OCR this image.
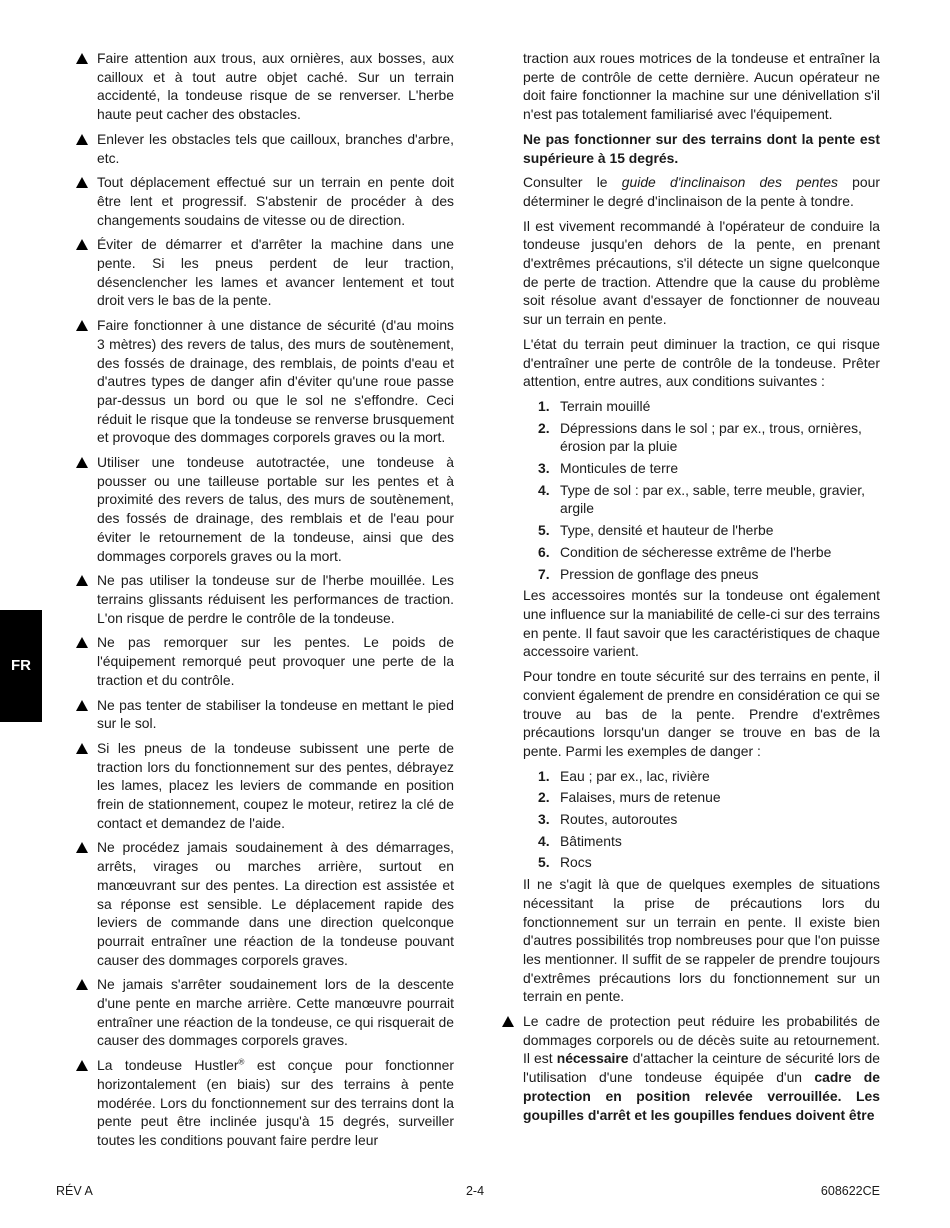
FR
Faire attention aux trous, aux ornières, aux bosses, aux cailloux et à tout autre objet caché. Sur un terrain accidenté, la tondeuse risque de se renverser. L'herbe haute peut cacher des obstacles.
Enlever les obstacles tels que cailloux, branches d'arbre, etc.
Tout déplacement effectué sur un terrain en pente doit être lent et progressif. S'abstenir de procéder à des changements soudains de vitesse ou de direction.
Éviter de démarrer et d'arrêter la machine dans une pente. Si les pneus perdent de leur traction, désenclencher les lames et avancer lentement et tout droit vers le bas de la pente.
Faire fonctionner à une distance de sécurité (d'au moins 3 mètres) des revers de talus, des murs de soutènement, des fossés de drainage, des remblais, de points d'eau et d'autres types de danger afin d'éviter qu'une roue passe par-dessus un bord ou que le sol ne s'effondre. Ceci réduit le risque que la tondeuse se renverse brusquement et provoque des dommages corporels graves ou la mort.
Utiliser une tondeuse autotractée, une tondeuse à pousser ou une tailleuse portable sur les pentes et à proximité des revers de talus, des murs de soutènement, des fossés de drainage, des remblais et de l'eau pour éviter le retournement de la tondeuse, ainsi que des dommages corporels graves ou la mort.
Ne pas utiliser la tondeuse sur de l'herbe mouillée. Les terrains glissants réduisent les performances de traction. L'on risque de perdre le contrôle de la tondeuse.
Ne pas remorquer sur les pentes. Le poids de l'équipement remorqué peut provoquer une perte de la traction et du contrôle.
Ne pas tenter de stabiliser la tondeuse en mettant le pied sur le sol.
Si les pneus de la tondeuse subissent une perte de traction lors du fonctionnement sur des pentes, débrayez les lames, placez les leviers de commande en position frein de stationnement, coupez le moteur, retirez la clé de contact et demandez de l'aide.
Ne procédez jamais soudainement à des démarrages, arrêts, virages ou marches arrière, surtout en manœuvrant sur des pentes. La direction est assistée et sa réponse est sensible. Le déplacement rapide des leviers de commande dans une direction quelconque pourrait entraîner une réaction de la tondeuse pouvant causer des dommages corporels graves.
Ne jamais s'arrêter soudainement lors de la descente d'une pente en marche arrière. Cette manœuvre pourrait entraîner une réaction de la tondeuse, ce qui risquerait de causer des dommages corporels graves.
La tondeuse Hustler® est conçue pour fonctionner horizontalement (en biais) sur des terrains à pente modérée. Lors du fonctionnement sur des terrains dont la pente peut être inclinée jusqu'à 15 degrés, surveiller toutes les conditions pouvant faire perdre leur
traction aux roues motrices de la tondeuse et entraîner la perte de contrôle de cette dernière. Aucun opérateur ne doit faire fonctionner la machine sur une dénivellation s'il n'est pas totalement familiarisé avec l'équipement.
Ne pas fonctionner sur des terrains dont la pente est supérieure à 15 degrés.
Consulter le guide d'inclinaison des pentes pour déterminer le degré d'inclinaison de la pente à tondre.
Il est vivement recommandé à l'opérateur de conduire la tondeuse jusqu'en dehors de la pente, en prenant d'extrêmes précautions, s'il détecte un signe quelconque de perte de traction. Attendre que la cause du problème soit résolue avant d'essayer de fonctionner de nouveau sur un terrain en pente.
L'état du terrain peut diminuer la traction, ce qui risque d'entraîner une perte de contrôle de la tondeuse. Prêter attention, entre autres, aux conditions suivantes :
1. Terrain mouillé
2. Dépressions dans le sol ; par ex., trous, ornières, érosion par la pluie
3. Monticules de terre
4. Type de sol : par ex., sable, terre meuble, gravier, argile
5. Type, densité et hauteur de l'herbe
6. Condition de sécheresse extrême de l'herbe
7. Pression de gonflage des pneus
Les accessoires montés sur la tondeuse ont également une influence sur la maniabilité de celle-ci sur des terrains en pente. Il faut savoir que les caractéristiques de chaque accessoire varient.
Pour tondre en toute sécurité sur des terrains en pente, il convient également de prendre en considération ce qui se trouve au bas de la pente. Prendre d'extrêmes précautions lorsqu'un danger se trouve en bas de la pente. Parmi les exemples de danger :
1. Eau ; par ex., lac, rivière
2. Falaises, murs de retenue
3. Routes, autoroutes
4. Bâtiments
5. Rocs
Il ne s'agit là que de quelques exemples de situations nécessitant la prise de précautions lors du fonctionnement sur un terrain en pente. Il existe bien d'autres possibilités trop nombreuses pour que l'on puisse les mentionner. Il suffit de se rappeler de prendre toujours d'extrêmes précautions lors du fonctionnement sur un terrain en pente.
Le cadre de protection peut réduire les probabilités de dommages corporels ou de décès suite au retournement. Il est nécessaire d'attacher la ceinture de sécurité lors de l'utilisation d'une tondeuse équipée d'un cadre de protection en position relevée verrouillée. Les goupilles d'arrêt et les goupilles fendues doivent être
RÉV A	2-4	608622CE
